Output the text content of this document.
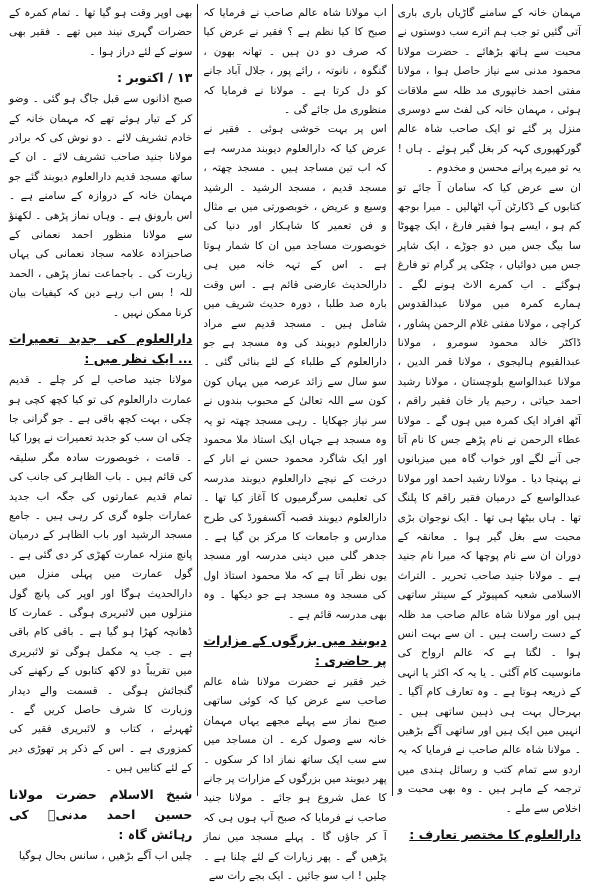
مہمان خانہ کے سامنے گاڑیاں باری باری آتی گئیں تو جب ہم اترے سب دوستوں نے محبت سے ہاتھ بڑھائے ۔ حضرت مولانا محمود مدنی سے نیاز حاصل ہوا ، مولانا مفتی احمد خانپوری مد ظلہ سے ملاقات ہوئی ، مہمان خانہ کی لفٹ سے دوسری منزل پر گئے تو ایک صاحب شاہ عالم گورکھپوری کہہ کر بغل گیر ہوئے ۔ ہاں ! یہ تو میرے پرانے محسن و مخدوم ۔

ان سے عرض کیا کہ سامان آ جائے تو کتابوں کے ڈکارٹن آپ اٹھالیں ۔ میرا بوجھ کم ہو ، ایسے ہوا فقیر فارغ ، ایک چھوٹا سا بیگ جس میں دو جوڑے ، ایک شاپر جس میں دوائیاں ، چٹکی پر گرام تو فارغ ہوگئے ۔ اب کمرے الاٹ ہونے لگے ۔ ہمارے کمرہ میں مولانا عبدالقدوس کراچی ، مولانا مفتی غلام الرحمن پشاور ، ڈاکٹر خالد محمود سومرو ، مولانا عبدالقیوم ہالیجوی ، مولانا قمر الدین ، مولانا عبدالواسع بلوچستان ، مولانا رشید احمد حیاتی ، رحیم یار خان فقیر راقم ، آٹھ افراد ایک کمرہ میں ہوں گے ۔ مولانا عطاء الرحمن نے نام پڑھے جس کا نام آتا جی آنے لگے اور خواب گاہ میں میزبانوں نے پہنچا دیا ۔ مولانا رشید احمد اور مولانا عبدالواسع کے درمیان فقیر راقم کا پلنگ تھا ۔ ہاں بیٹھا ہی تھا ۔ ایک نوجوان بڑی محبت سے بغل گیر ہوا ۔ معانقہ کے دوران ان سے نام پوچھا کہ میرا نام جنید ہے ۔ مولانا جنید صاحب تحریر ۔ التراث الاسلامی شعبہ کمپیوٹر کے سینئر ساتھی ہیں اور مولانا شاہ عالم صاحب مد ظلہ کے دست راست ہیں ۔ ان سے بہت انس ہوا ۔ لگتا ہے کہ عالم ارواح کی مانوسیت کام آگئی ۔ یا یہ کہ اکثر یا انہی کے ذریعہ ہوتا ہے ۔ وہ تعارف کام آگیا ۔ بہرحال بہت ہی ذہین ساتھی ہیں ۔ انہیں میں ایک ہیں اور ساتھی آگے بڑھیں ۔ مولانا شاہ عالم صاحب نے فرمایا کہ یہ اردو سے تمام کتب و رسائل ہندی میں ترجمہ کے ماہر ہیں ۔ وہ بھی محبت و اخلاص سے ملے ۔

دارالعلوم کا مختصر تعارف :

اب مولانا شاہ عالم صاحب نے فرمایا کہ صبح کا کیا نظم ہے ؟ فقیر نے عرض کیا کہ صرف دو دن ہیں ۔ تھانہ بھون ، گنگوہ ، نانوتہ ، رائے پور ، جلال آباد جانے کو دل کرتا ہے ۔ مولانا نے فرمایا کہ منظوری مل جائے گی ۔

اس پر بہت خوشی ہوئی ۔ فقیر نے عرض کیا کہ دارالعلوم دیوبند مدرسہ ہے کہ اب تین مساجد ہیں ۔ مسجد چھتہ ، مسجد قدیم ، مسجد الرشید ۔ الرشید وسیع و عریض ، خوبصورتی میں بے مثال و فن تعمیر کا شاہکار اور دنیا کی خوبصورت مساجد میں ان کا شمار ہوتا ہے ۔ اس کے تہہ خانہ میں ہی دارالحدیث عارضی قائم ہے ۔ اس وقت بارہ صد طلبا ، دورہ حدیث شریف میں شامل ہیں ۔ مسجد قدیم سے مراد دارالعلوم دیوبند کی وہ مسجد ہے جو دارالعلوم کے طلباء کے لئے بنائی گئی ۔ سو سال سے زائد عرصہ میں یہاں کون کون سے اللہ تعالیٰ کے محبوب بندوں نے سر نیاز جھکایا ۔ رہی مسجد چھتہ تو یہ وہ مسجد ہے جہاں ایک استاذ ملا محمود اور ایک شاگرد محمود حسن نے انار کے درخت کے نیچے دارالعلوم دیوبند مدرسہ کی تعلیمی سرگرمیوں کا آغاز کیا تھا ۔ دارالعلوم دیوبند قصبہ آکسفورڈ کی طرح مدارس و جامعات کا مرکز بن گیا ہے ۔ جدھر گلی میں دینی مدرسہ اور مسجد یوں نظر آتا ہے کہ ملا محمود استاذ اول کی مسجد وہ مسجد ہے جو دیکھا ۔ وہ بھی مدرسہ قائم ہے ۔

دیوبند میں بزرگوں کے مزارات پر حاضری :

خیر فقیر نے حضرت مولانا شاہ عالم صاحب سے عرض کیا کہ کوئی ساتھی صبح نماز سے پہلے مجھے یہاں مہمان خانہ سے وصول کرے ۔ ان مساجد میں سے سب ایک ساتھ نماز ادا کر سکوں ۔ پھر دیوبند میں بزرگوں کے مزارات پر جانے کا عمل شروع ہو جائے ۔ مولانا جنید صاحب نے فرمایا کہ صبح آپ ہوں ہی کہ آ کر جاؤں گا ۔ پہلے مسجد میں نماز پڑھیں گے ۔ پھر زیارات کے لئے چلنا ہے ۔ چلیں ! اب سو جائیں ۔ ایک بجے رات سے

بھی اوپر وقت ہو گیا تھا ۔ تمام کمرہ کے حضرات گہری نیند میں تھے ۔ فقیر بھی سونے کے لئے دراز ہوا ۔

۱۳ / اکتوبر :

صبح اذانوں سے قبل جاگ ہو گئی ۔ وضو کر کے تیار ہوئے تھے کہ مہمان خانہ کے خادم تشریف لائے ۔ دو نوش کی کہ برادر مولانا جنید صاحب تشریف لائے ۔ ان کے ساتھ مسجد قدیم دارالعلوم دیوبند گئے جو مہمان خانہ کے دروازہ کے سامنے ہے ۔ اس بارونق ہے ۔ وہاں نماز پڑھی ۔ لکھنؤ سے مولانا منظور احمد نعمانی کے صاحبزادہ علامہ سجاد نعمانی کی یہاں زیارت کی ۔ باجماعت نماز پڑھی ، الحمد للہ ! بس اب رہے دین کہ کیفیات بیان کرنا ممکن نہیں ۔

دارالعلوم کی جدید تعمیرات ... ایک نظر میں :

مولانا جنید صاحب لے کر چلے ۔ قدیم عمارت دارالعلوم کی تو کیا کچھ کچی ہو چکی ، بہت کچھ باقی ہے ۔ جو گرانی جا چکی ان سب کو جدید تعمیرات نے پورا کیا ۔ قامت ، خوبصورت سادہ مگر سلیقہ کی قائم ہیں ۔ باب الظاہر کی جانب کی تمام قدیم عمارتوں کی جگہ اب جدید عمارات جلوہ گری کر رہی ہیں ۔ جامع مسجد الرشید اور باب الظاہر کے درمیان پانچ منزلہ عمارت کھڑی کر دی گئی ہے ۔ گول عمارت میں پہلی منزل میں دارالحدیث ہوگا اور اوپر کی پانچ گول منزلوں میں لائبریری ہوگی ۔ عمارت کا ڈھانچہ کھڑا ہو گیا ہے ۔ باقی کام باقی ہے ۔ جب یہ مکمل ہوگی تو لائبریری میں تقریباً دو لاکھ کتابوں کے رکھنے کی گنجائش ہوگی ۔ قسمت والے دیدار وزیارت کا شرف حاصل کریں گے ۔ ٹھہرئے ، کتاب و لائبریری فقیر کی کمزوری ہے ۔ اس کے ذکر پر تھوڑی دیر کے لئے کتابیں ہیں ۔

شیخ الاسلام حضرت مولانا حسین احمد مدنیؒ کی رہائش گاہ :

چلیں اب آگے بڑھیں ، سانس بحال ہوگیا
